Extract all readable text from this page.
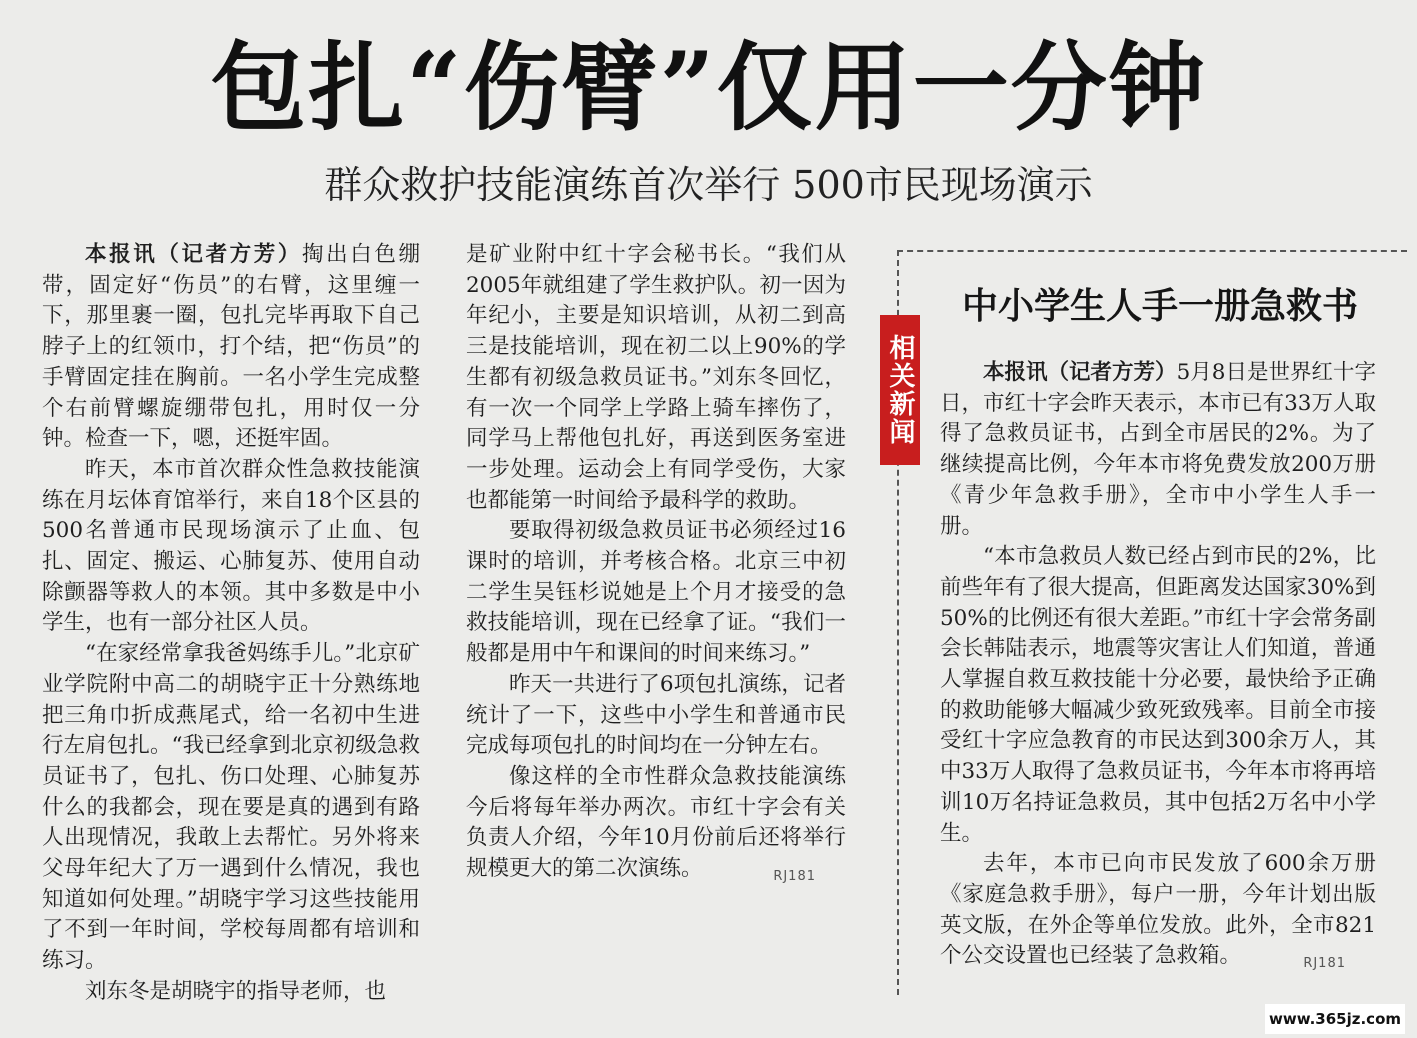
包扎“伤臂”仅用一分钟
群众救护技能演练首次举行 500市民现场演示

本报讯（记者方芳）掏出白色绷带，固定好“伤员”的右臂，这里缠一下，那里裹一圈，包扎完毕再取下自己脖子上的红领巾，打个结，把“伤员”的手臂固定挂在胸前。一名小学生完成整个右前臂螺旋绷带包扎，用时仅一分钟。检查一下，嗯，还挺牢固。

昨天，本市首次群众性急救技能演练在月坛体育馆举行，来自18个区县的500名普通市民现场演示了止血、包扎、固定、搬运、心肺复苏、使用自动除颤器等救人的本领。其中多数是中小学生，也有一部分社区人员。

“在家经常拿我爸妈练手儿。”北京矿业学院附中高二的胡晓宇正十分熟练地把三角巾折成燕尾式，给一名初中生进行左肩包扎。“我已经拿到北京初级急救员证书了，包扎、伤口处理、心肺复苏什么的我都会，现在要是真的遇到有路人出现情况，我敢上去帮忙。另外将来父母年纪大了万一遇到什么情况，我也知道如何处理。”胡晓宇学习这些技能用了不到一年时间，学校每周都有培训和练习。

刘东冬是胡晓宇的指导老师，也

是矿业附中红十字会秘书长。“我们从2005年就组建了学生救护队。初一因为年纪小，主要是知识培训，从初二到高三是技能培训，现在初二以上90%的学生都有初级急救员证书。”刘东冬回忆，有一次一个同学上学路上骑车摔伤了，同学马上帮他包扎好，再送到医务室进一步处理。运动会上有同学受伤，大家也都能第一时间给予最科学的救助。

要取得初级急救员证书必须经过16课时的培训，并考核合格。北京三中初二学生吴钰杉说她是上个月才接受的急救技能培训，现在已经拿了证。“我们一般都是用中午和课间的时间来练习。”

昨天一共进行了6项包扎演练，记者统计了一下，这些中小学生和普通市民完成每项包扎的时间均在一分钟左右。

像这样的全市性群众急救技能演练今后将每年举办两次。市红十字会有关负责人介绍，今年10月份前后还将举行规模更大的第二次演练。	RJ181

相关新闻
中小学生人手一册急救书

本报讯（记者方芳）5月8日是世界红十字日，市红十字会昨天表示，本市已有33万人取得了急救员证书，占到全市居民的2%。为了继续提高比例，今年本市将免费发放200万册《青少年急救手册》，全市中小学生人手一册。

“本市急救员人数已经占到市民的2%，比前些年有了很大提高，但距离发达国家30%到50%的比例还有很大差距。”市红十字会常务副会长韩陆表示，地震等灾害让人们知道，普通人掌握自救互救技能十分必要，最快给予正确的救助能够大幅减少致死致残率。目前全市接受红十字应急教育的市民达到300余万人，其中33万人取得了急救员证书，今年本市将再培训10万名持证急救员，其中包括2万名中小学生。

去年，本市已向市民发放了600余万册《家庭急救手册》，每户一册，今年计划出版英文版，在外企等单位发放。此外，全市821个公交设置也已经装了急救箱。	RJ181

www.365jz.com
